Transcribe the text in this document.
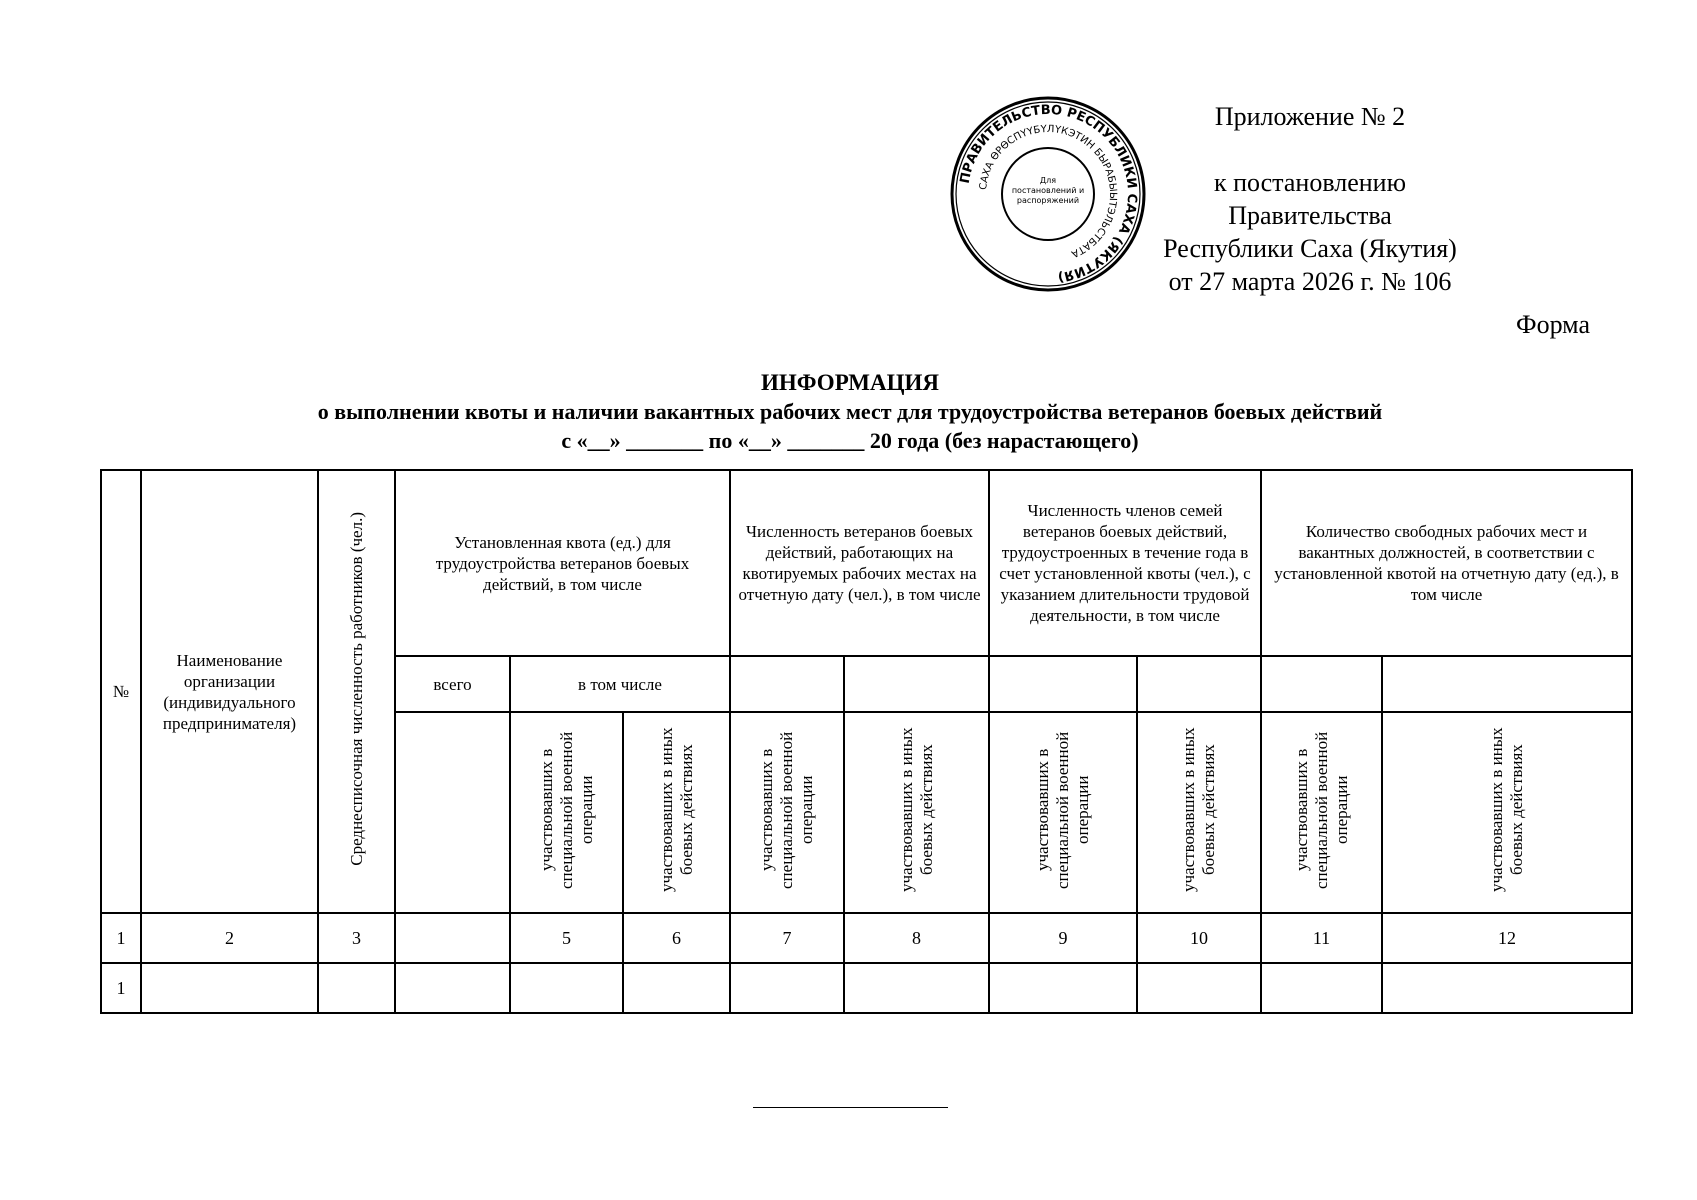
ПРАВИТЕЛЬСТВО РЕСПУБЛИКИ САХА (ЯКУТИЯ)
САХА ӨРӨСПҮҮБҮЛҮКЭТИН БЫРАБЫЫТЭЛЬСТБАТА
Для постановлений и распоряжений
Приложение № 2
к постановлению Правительства
Республики Саха (Якутия)
от 27 марта 2026 г. № 106
Форма
ИНФОРМАЦИЯ
о выполнении квоты и наличии вакантных рабочих мест для трудоустройства ветеранов боевых действий
с «__» _______ по «__» _______ 20 года (без нарастающего)
№	Наименование организации (индивидуального предпринимателя)	Среднесписочная численность работников (чел.)	Установленная квота (ед.) для трудоустройства ветеранов боевых действий, в том числе			Численность ветеранов боевых действий, работающих на квотируемых рабочих местах на отчетную дату (чел.), в том числе		Численность членов семей ветеранов боевых действий, трудоустроенных в течение года в счет установленной квоты (чел.), с указанием длительности трудовой деятельности, в том числе		Количество свободных рабочих мест и вакантных должностей, в соответствии с установленной квотой на отчетную дату (ед.), в том числе	
			всего	в том числе							
				участвовавших в специальной военной операции	участвовавших в иных боевых действиях	участвовавших в специальной военной операции	участвовавших в иных боевых действиях	участвовавших в специальной военной операции	участвовавших в иных боевых действиях	участвовавших в специальной военной операции	участвовавших в иных боевых действиях
1	2	3		5	6	7	8	9	10	11	12
1											
